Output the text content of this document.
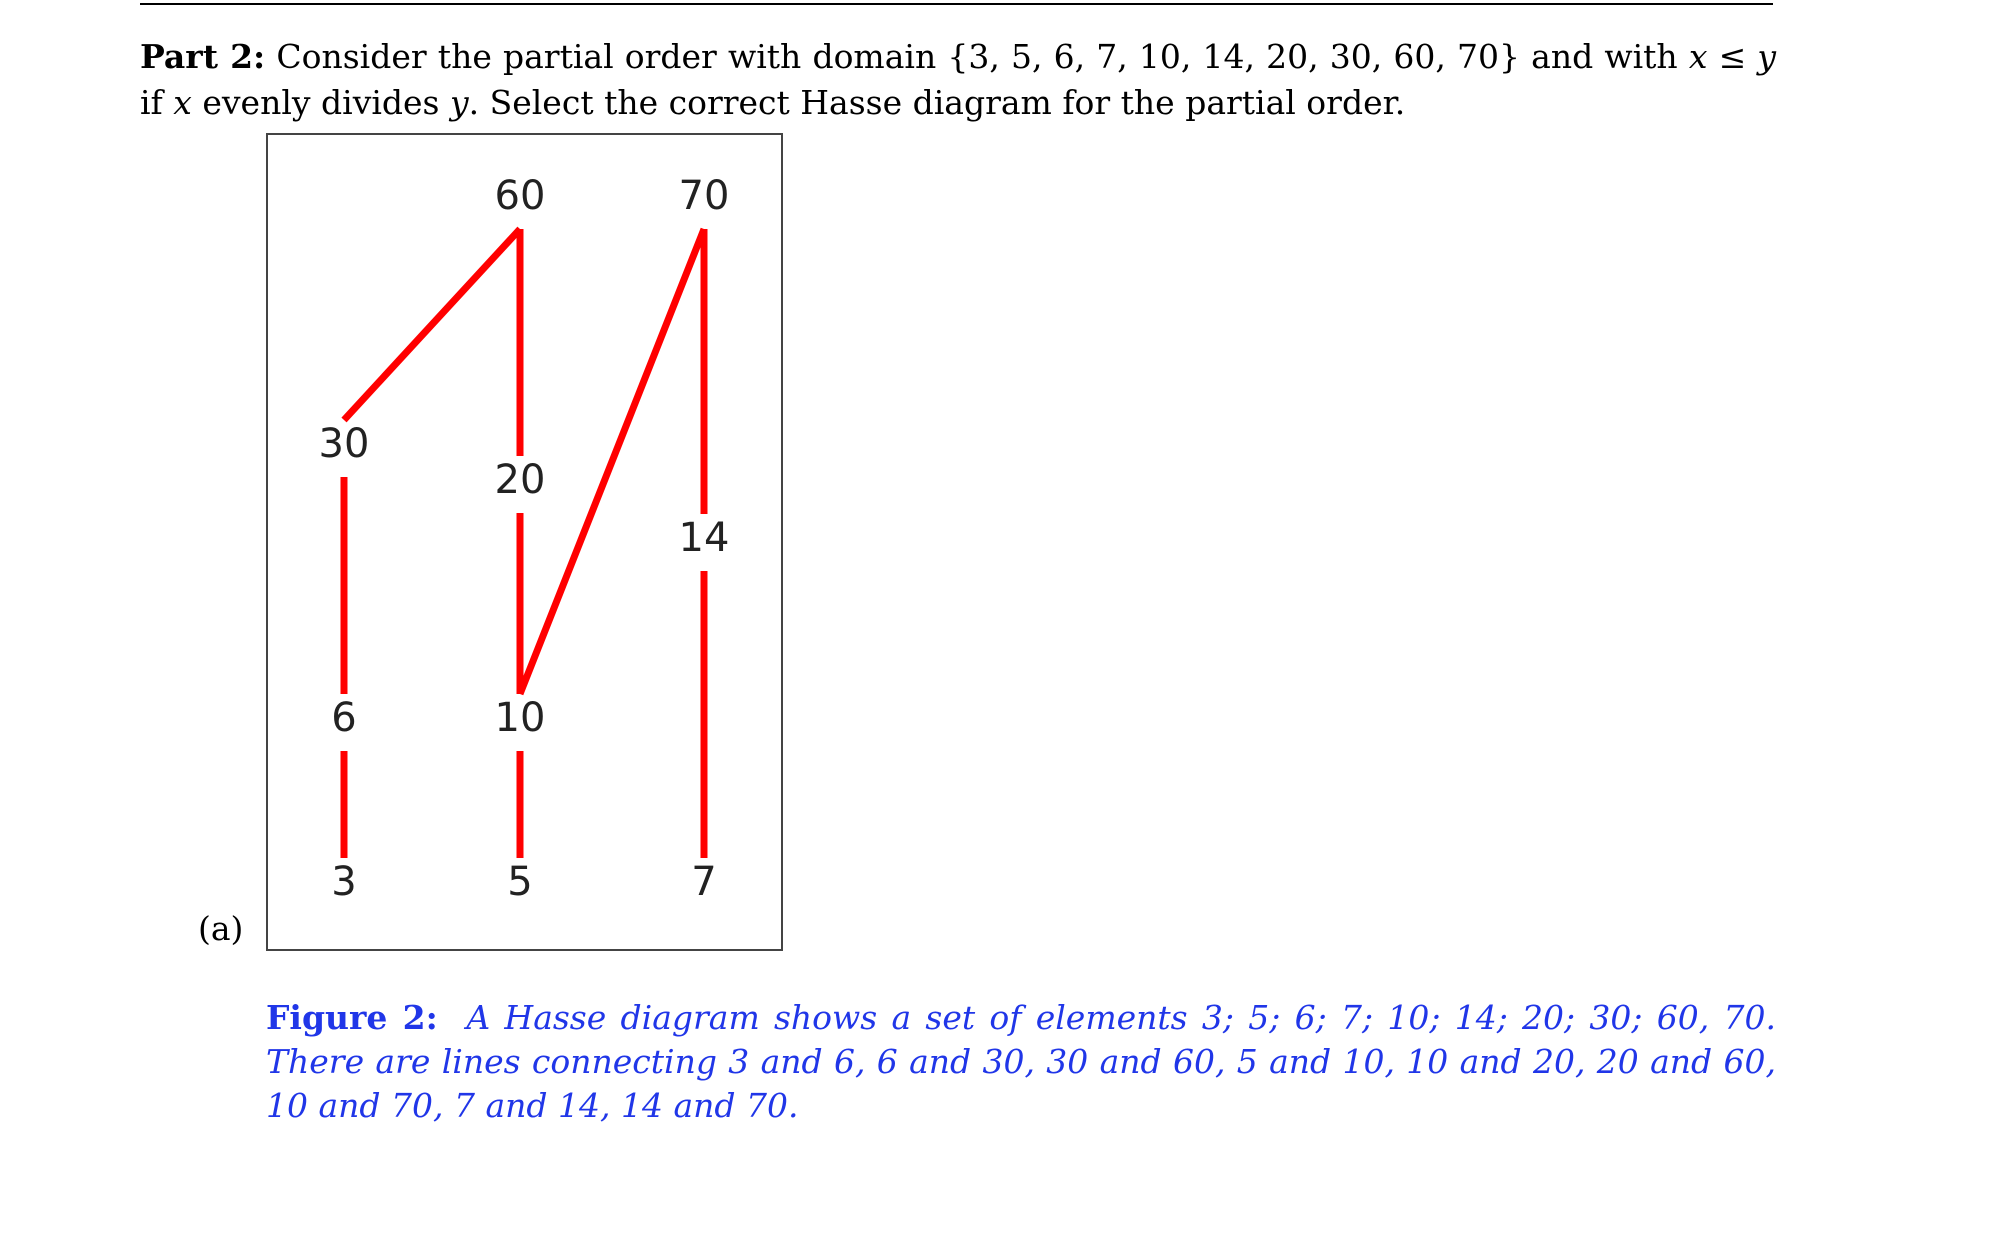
Part 2: Consider the partial order with domain {3, 5, 6, 7, 10, 14, 20, 30, 60, 70} and with x ≤ y if x evenly divides y. Select the correct Hasse diagram for the partial order.
(a)
60	70
30
20
14
6	10
3	5	7
Figure 2: A Hasse diagram shows a set of elements 3; 5; 6; 7; 10; 14; 20; 30; 60, 70. There are lines connecting 3 and 6, 6 and 30, 30 and 60, 5 and 10, 10 and 20, 20 and 60, 10 and 70, 7 and 14, 14 and 70.
